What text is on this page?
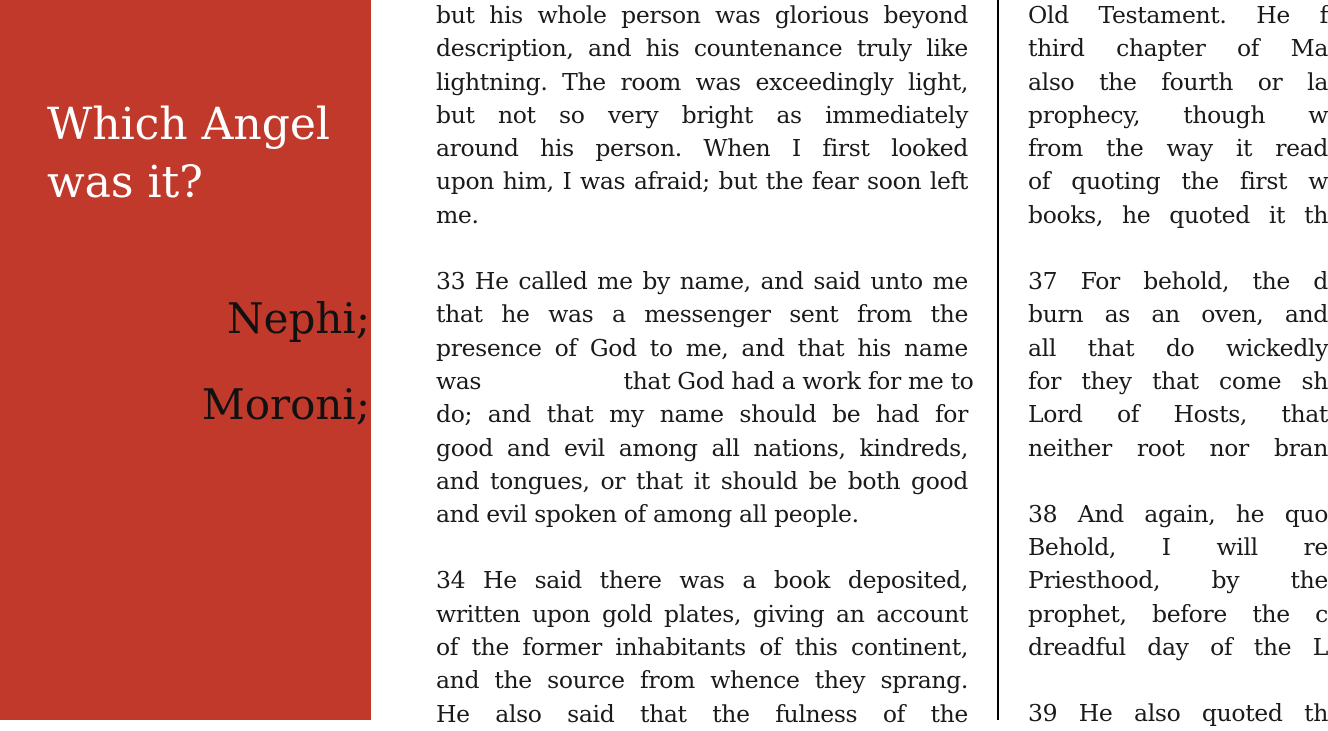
Which Angel
was it?
Nephi;
Moroni;
but his whole person was glorious beyond
description, and his countenance truly like
lightning. The room was exceedingly light,
but not so very bright as immediately
around his person. When I first looked
upon him, I was afraid; but the fear soon left
me.
33 He called me by name, and said unto me
that he was a messenger sent from the
presence of God to me, and that his name
was                    that God had a work for me to
do; and that my name should be had for
good and evil among all nations, kindreds,
and tongues, or that it should be both good
and evil spoken of among all people.
34 He said there was a book deposited,
written upon gold plates, giving an account
of the former inhabitants of this continent,
and the source from whence they sprang.
He also said that the fulness of the
Old Testament. He f
third chapter of Ma
also the fourth or la
prophecy, though w
from the way it read
of quoting the first w
books, he quoted it th
37 For behold, the d
burn as an oven, and
all that do wickedly
for they that come sh
Lord of Hosts, that
neither root nor bran
38 And again, he quo
Behold, I will re
Priesthood, by the
prophet, before the c
dreadful day of the L
39 He also quoted th
